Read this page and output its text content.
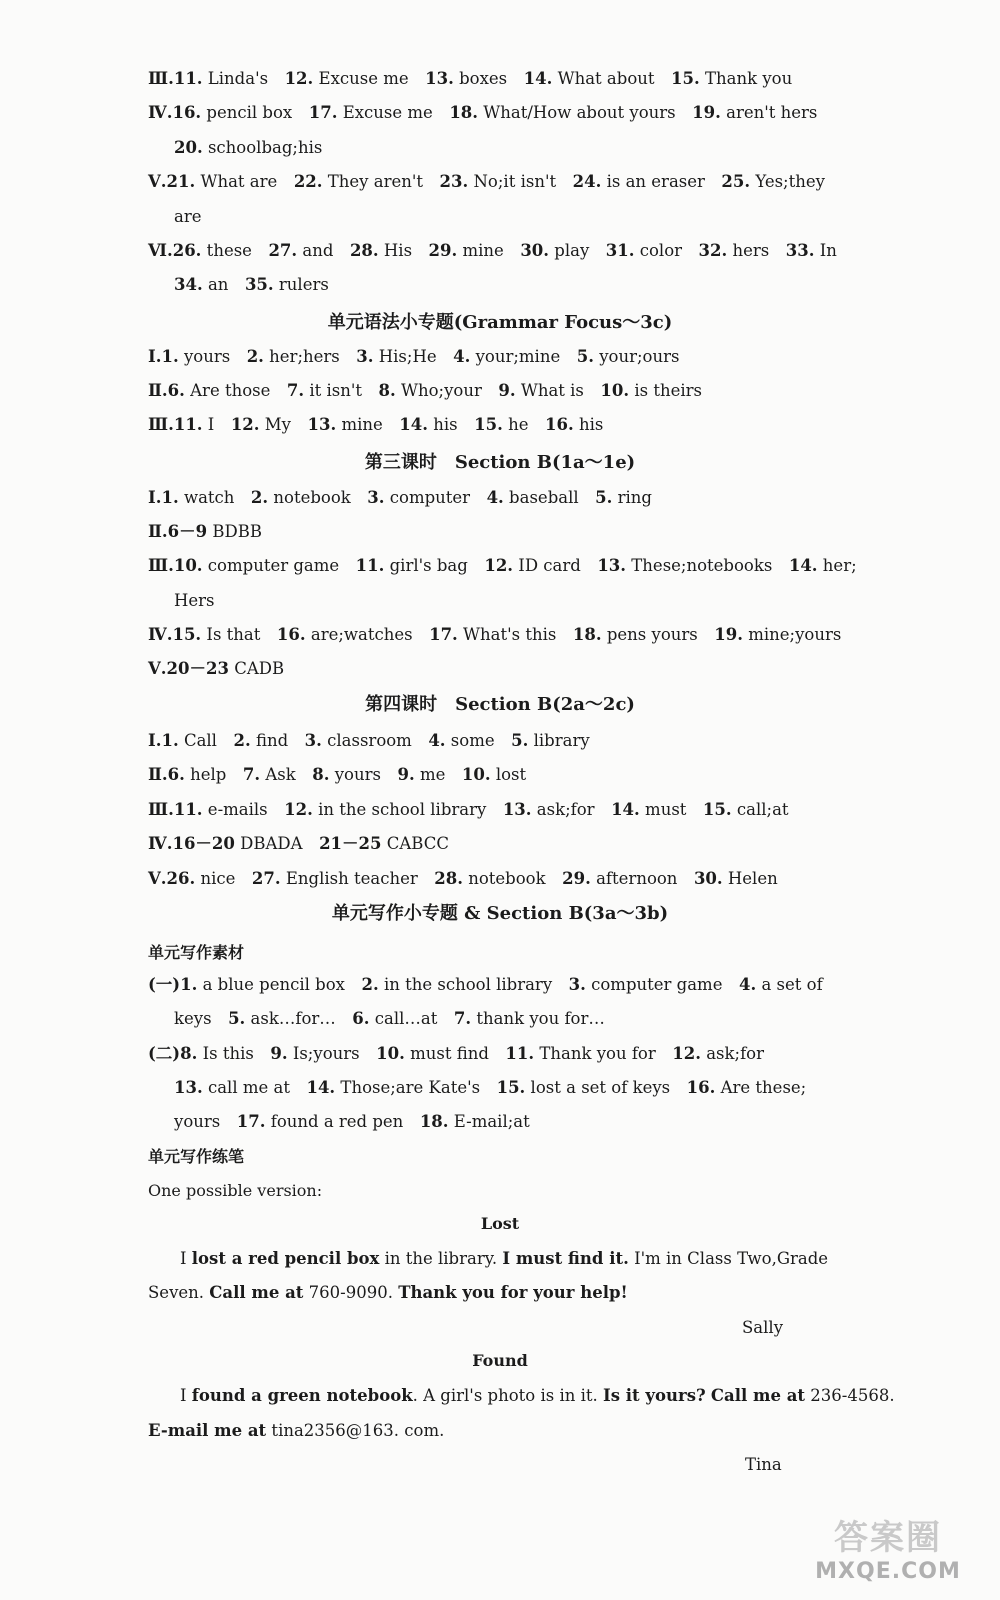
Ⅲ.11. Linda's  12. Excuse me  13. boxes  14. What about  15. Thank you
Ⅳ.16. pencil box  17. Excuse me  18. What/How about yours  19. aren't hers
20. schoolbag;his
Ⅴ.21. What are  22. They aren't  23. No;it isn't  24. is an eraser  25. Yes;they
are
Ⅵ.26. these  27. and  28. His  29. mine  30. play  31. color  32. hers  33. In
34. an  35. rulers
单元语法小专题(Grammar Focus～3c)
Ⅰ.1. yours  2. her;hers  3. His;He  4. your;mine  5. your;ours
Ⅱ.6. Are those  7. it isn't  8. Who;your  9. What is  10. is theirs
Ⅲ.11. I  12. My  13. mine  14. his  15. he  16. his
第三课时　Section B(1a～1e)
Ⅰ.1. watch  2. notebook  3. computer  4. baseball  5. ring
Ⅱ.6－9 BDBB
Ⅲ.10. computer game  11. girl's bag  12. ID card  13. These;notebooks  14. her;
Hers
Ⅳ.15. Is that  16. are;watches  17. What's this  18. pens yours  19. mine;yours
Ⅴ.20－23 CADB
第四课时　Section B(2a～2c)
Ⅰ.1. Call  2. find  3. classroom  4. some  5. library
Ⅱ.6. help  7. Ask  8. yours  9. me  10. lost
Ⅲ.11. e-mails  12. in the school library  13. ask;for  14. must  15. call;at
Ⅳ.16－20 DBADA  21－25 CABCC
Ⅴ.26. nice  27. English teacher  28. notebook  29. afternoon  30. Helen
单元写作小专题 & Section B(3a～3b)
单元写作素材
(一)1. a blue pencil box  2. in the school library  3. computer game  4. a set of
keys  5. ask…for…  6. call…at  7. thank you for…
(二)8. Is this  9. Is;yours  10. must find  11. Thank you for  12. ask;for
13. call me at  14. Those;are Kate's  15. lost a set of keys  16. Are these;
yours  17. found a red pen  18. E-mail;at
单元写作练笔
One possible version:
Lost
I lost a red pencil box in the library. I must find it. I'm in Class Two,Grade
Seven. Call me at 760-9090. Thank you for your help!
Sally
Found
I found a green notebook. A girl's photo is in it. Is it yours? Call me at 236-4568.
E-mail me at tina2356@163. com.
Tina
答案圈
MXQE.COM
